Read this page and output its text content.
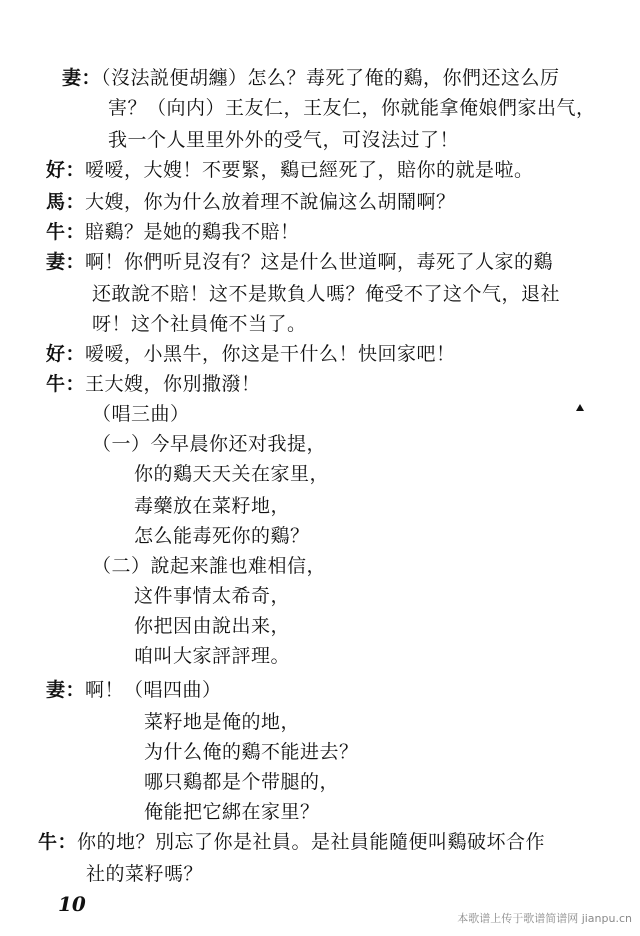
妻：（沒法説便胡纏）怎么？毒死了俺的鷄，你們还这么厉
害？（向内）王友仁，王友仁，你就能拿俺娘們家出气，
我一个人里里外外的受气，可沒法过了！
好：嗳嗳，大嫂！不要緊，鷄已經死了，賠你的就是啦。
馬：大嫂，你为什么放着理不說偏这么胡鬧啊？
牛：賠鷄？是她的鷄我不賠！
妻：啊！你們听見沒有？这是什么世道啊，毒死了人家的鷄
还敢說不賠！这不是欺負人嗎？俺受不了这个气，退社
呀！这个社員俺不当了。
好：嗳嗳，小黑牛，你这是干什么！快回家吧！
牛：王大嫂，你別撒潑！
（唱三曲）
（一）今早晨你还对我提，
你的鷄天天关在家里，
毒藥放在菜籽地，
怎么能毒死你的鷄？
（二）說起来誰也难相信，
这件事情太希奇，
你把因由說出来，
咱叫大家評評理。
妻：啊！（唱四曲）
菜籽地是俺的地，
为什么俺的鷄不能进去？
哪只鷄都是个带腿的，
俺能把它綁在家里？
牛：你的地？別忘了你是社員。是社員能隨便叫鷄破坏合作
社的菜籽嗎？
10
本歌谱上传于歌谱简谱网 jianpu.cn
